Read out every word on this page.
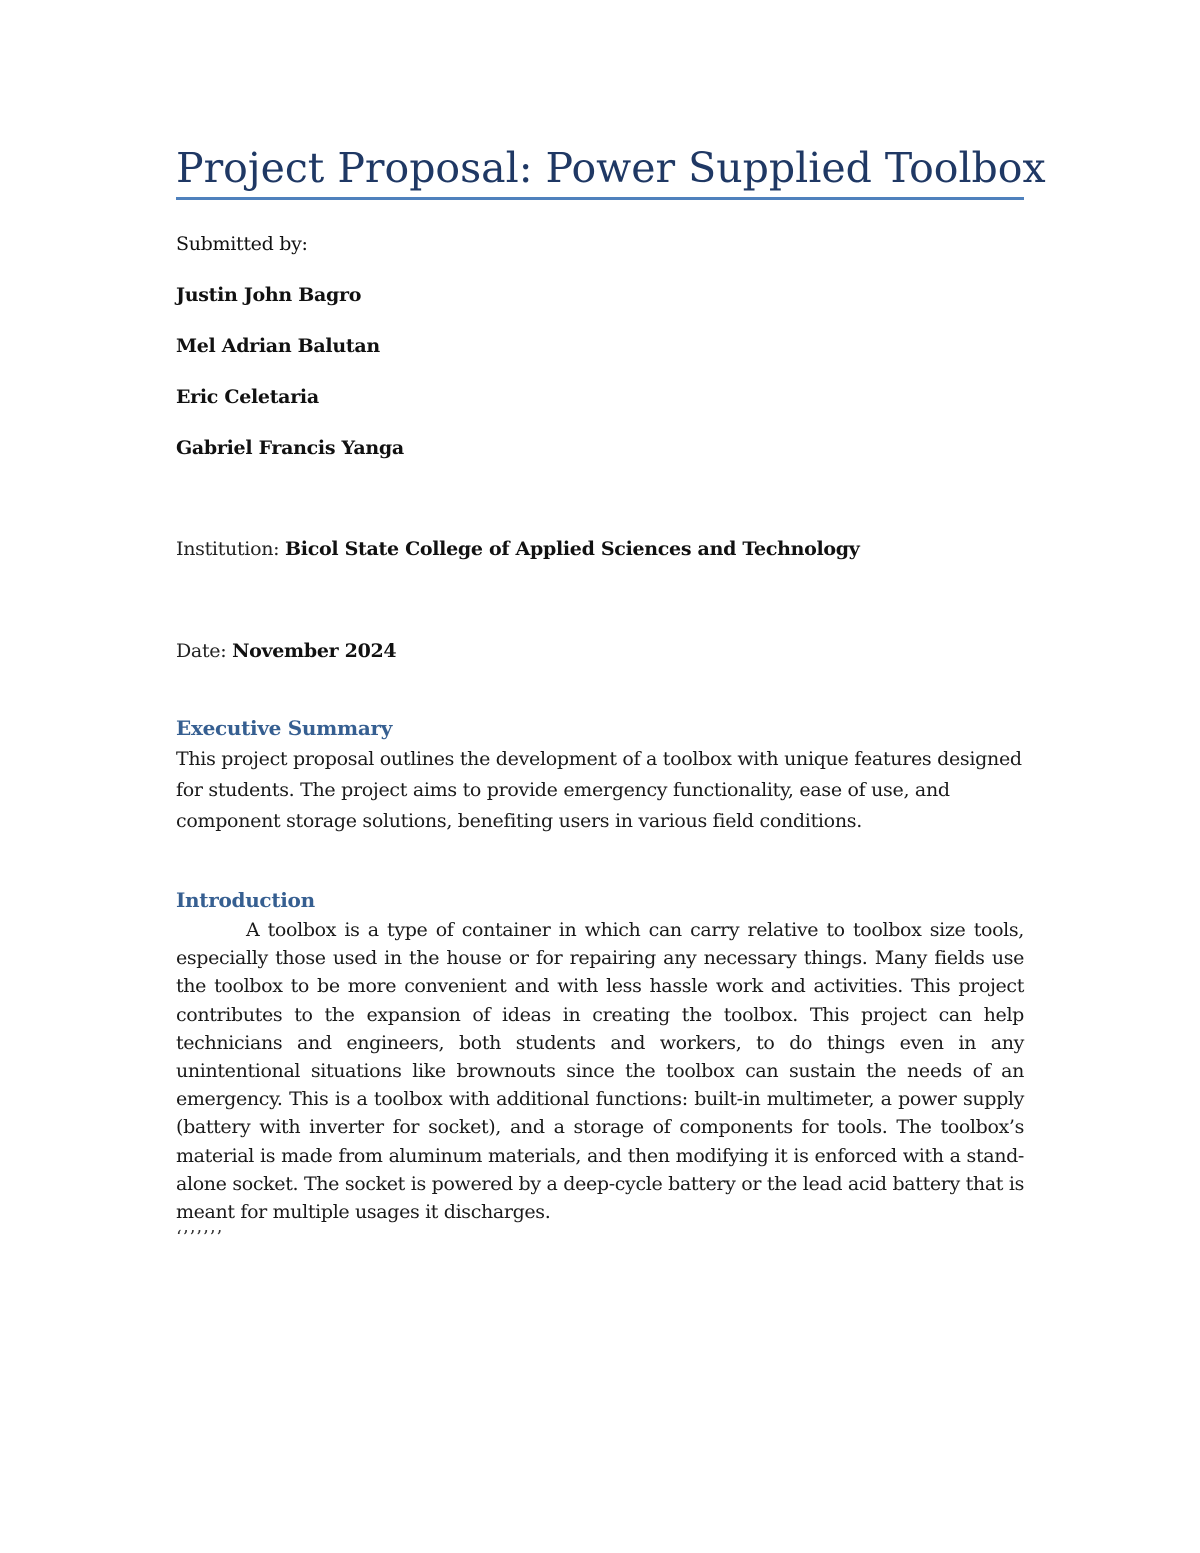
Project Proposal: Power Supplied Toolbox
Submitted by:
Justin John Bagro
Mel Adrian Balutan
Eric Celetaria
Gabriel Francis Yanga
Institution: Bicol State College of Applied Sciences and Technology
Date: November 2024
Executive Summary
This project proposal outlines the development of a toolbox with unique features designed for students. The project aims to provide emergency functionality, ease of use, and component storage solutions, benefiting users in various field conditions.
Introduction
A toolbox is a type of container in which can carry relative to toolbox size tools, especially those used in the house or for repairing any necessary things. Many fields use the toolbox to be more convenient and with less hassle work and activities. This project contributes to the expansion of ideas in creating the toolbox. This project can help technicians and engineers, both students and workers, to do things even in any unintentional situations like brownouts since the toolbox can sustain the needs of an emergency. This is a toolbox with additional functions: built-in multimeter, a power supply (battery with inverter for socket), and a storage of components for tools. The toolbox’s material is made from aluminum materials, and then modifying it is enforced with a stand-alone socket. The socket is powered by a deep-cycle battery or the lead acid battery that is meant for multiple usages it discharges.
‘’’’’’’
